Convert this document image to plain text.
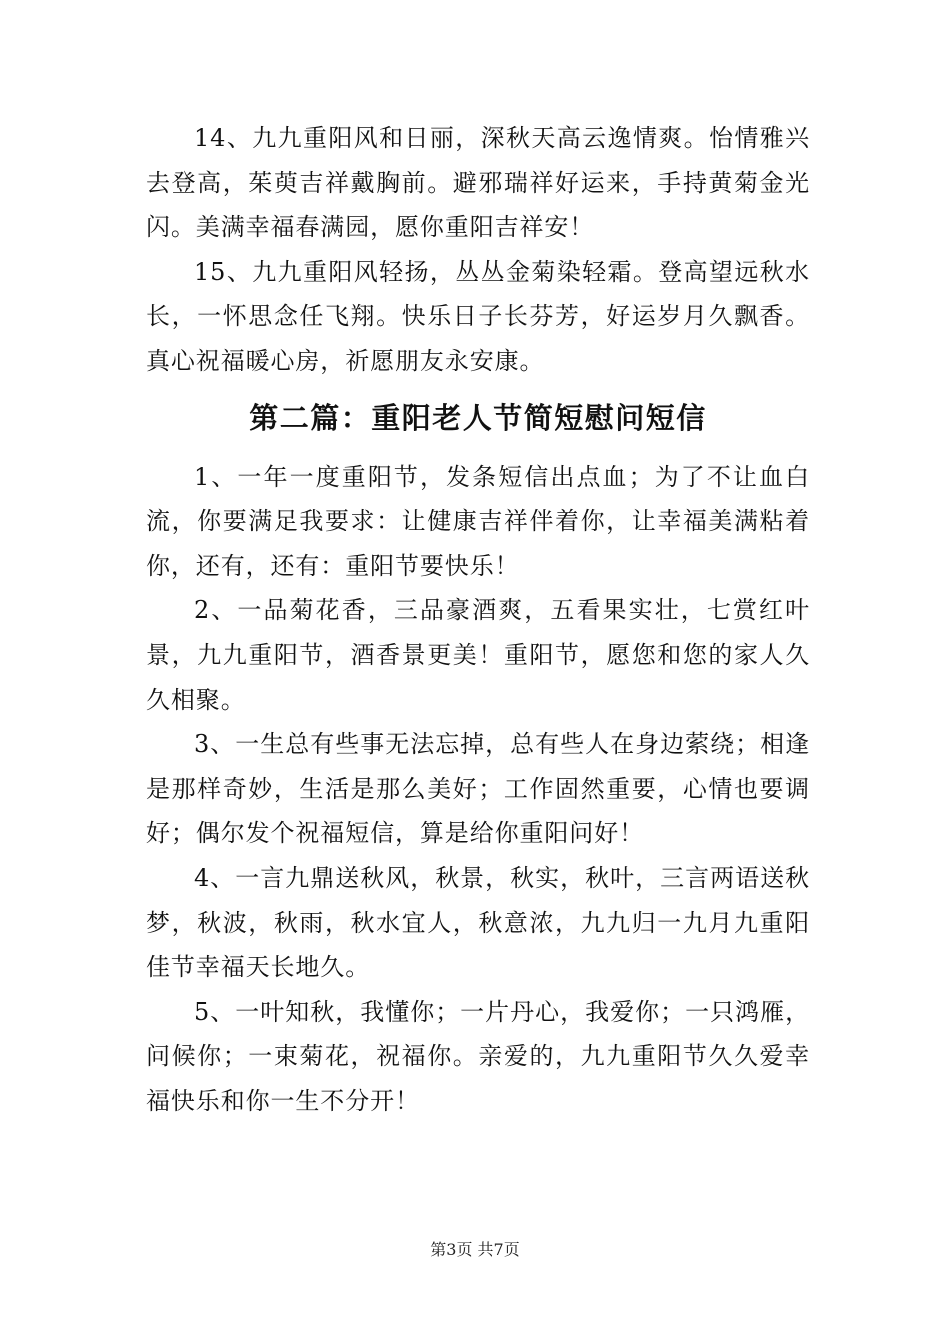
14、九九重阳风和日丽，深秋天高云逸情爽。怡情雅兴去登高，茱萸吉祥戴胸前。避邪瑞祥好运来，手持黄菊金光闪。美满幸福春满园，愿你重阳吉祥安！

15、九九重阳风轻扬，丛丛金菊染轻霜。登高望远秋水长，一怀思念任飞翔。快乐日子长芬芳，好运岁月久飘香。真心祝福暖心房，祈愿朋友永安康。

第二篇：重阳老人节简短慰问短信

1、一年一度重阳节，发条短信出点血；为了不让血白流，你要满足我要求：让健康吉祥伴着你，让幸福美满粘着你，还有，还有：重阳节要快乐！

2、一品菊花香，三品豪酒爽，五看果实壮，七赏红叶景，九九重阳节，酒香景更美！重阳节，愿您和您的家人久久相聚。

3、一生总有些事无法忘掉，总有些人在身边萦绕；相逢是那样奇妙，生活是那么美好；工作固然重要，心情也要调好；偶尔发个祝福短信，算是给你重阳问好！

4、一言九鼎送秋风，秋景，秋实，秋叶，三言两语送秋梦，秋波，秋雨，秋水宜人，秋意浓，九九归一九月九重阳佳节幸福天长地久。

5、一叶知秋，我懂你；一片丹心，我爱你；一只鸿雁，问候你；一束菊花，祝福你。亲爱的，九九重阳节久久爱幸福快乐和你一生不分开！

第3页 共7页
